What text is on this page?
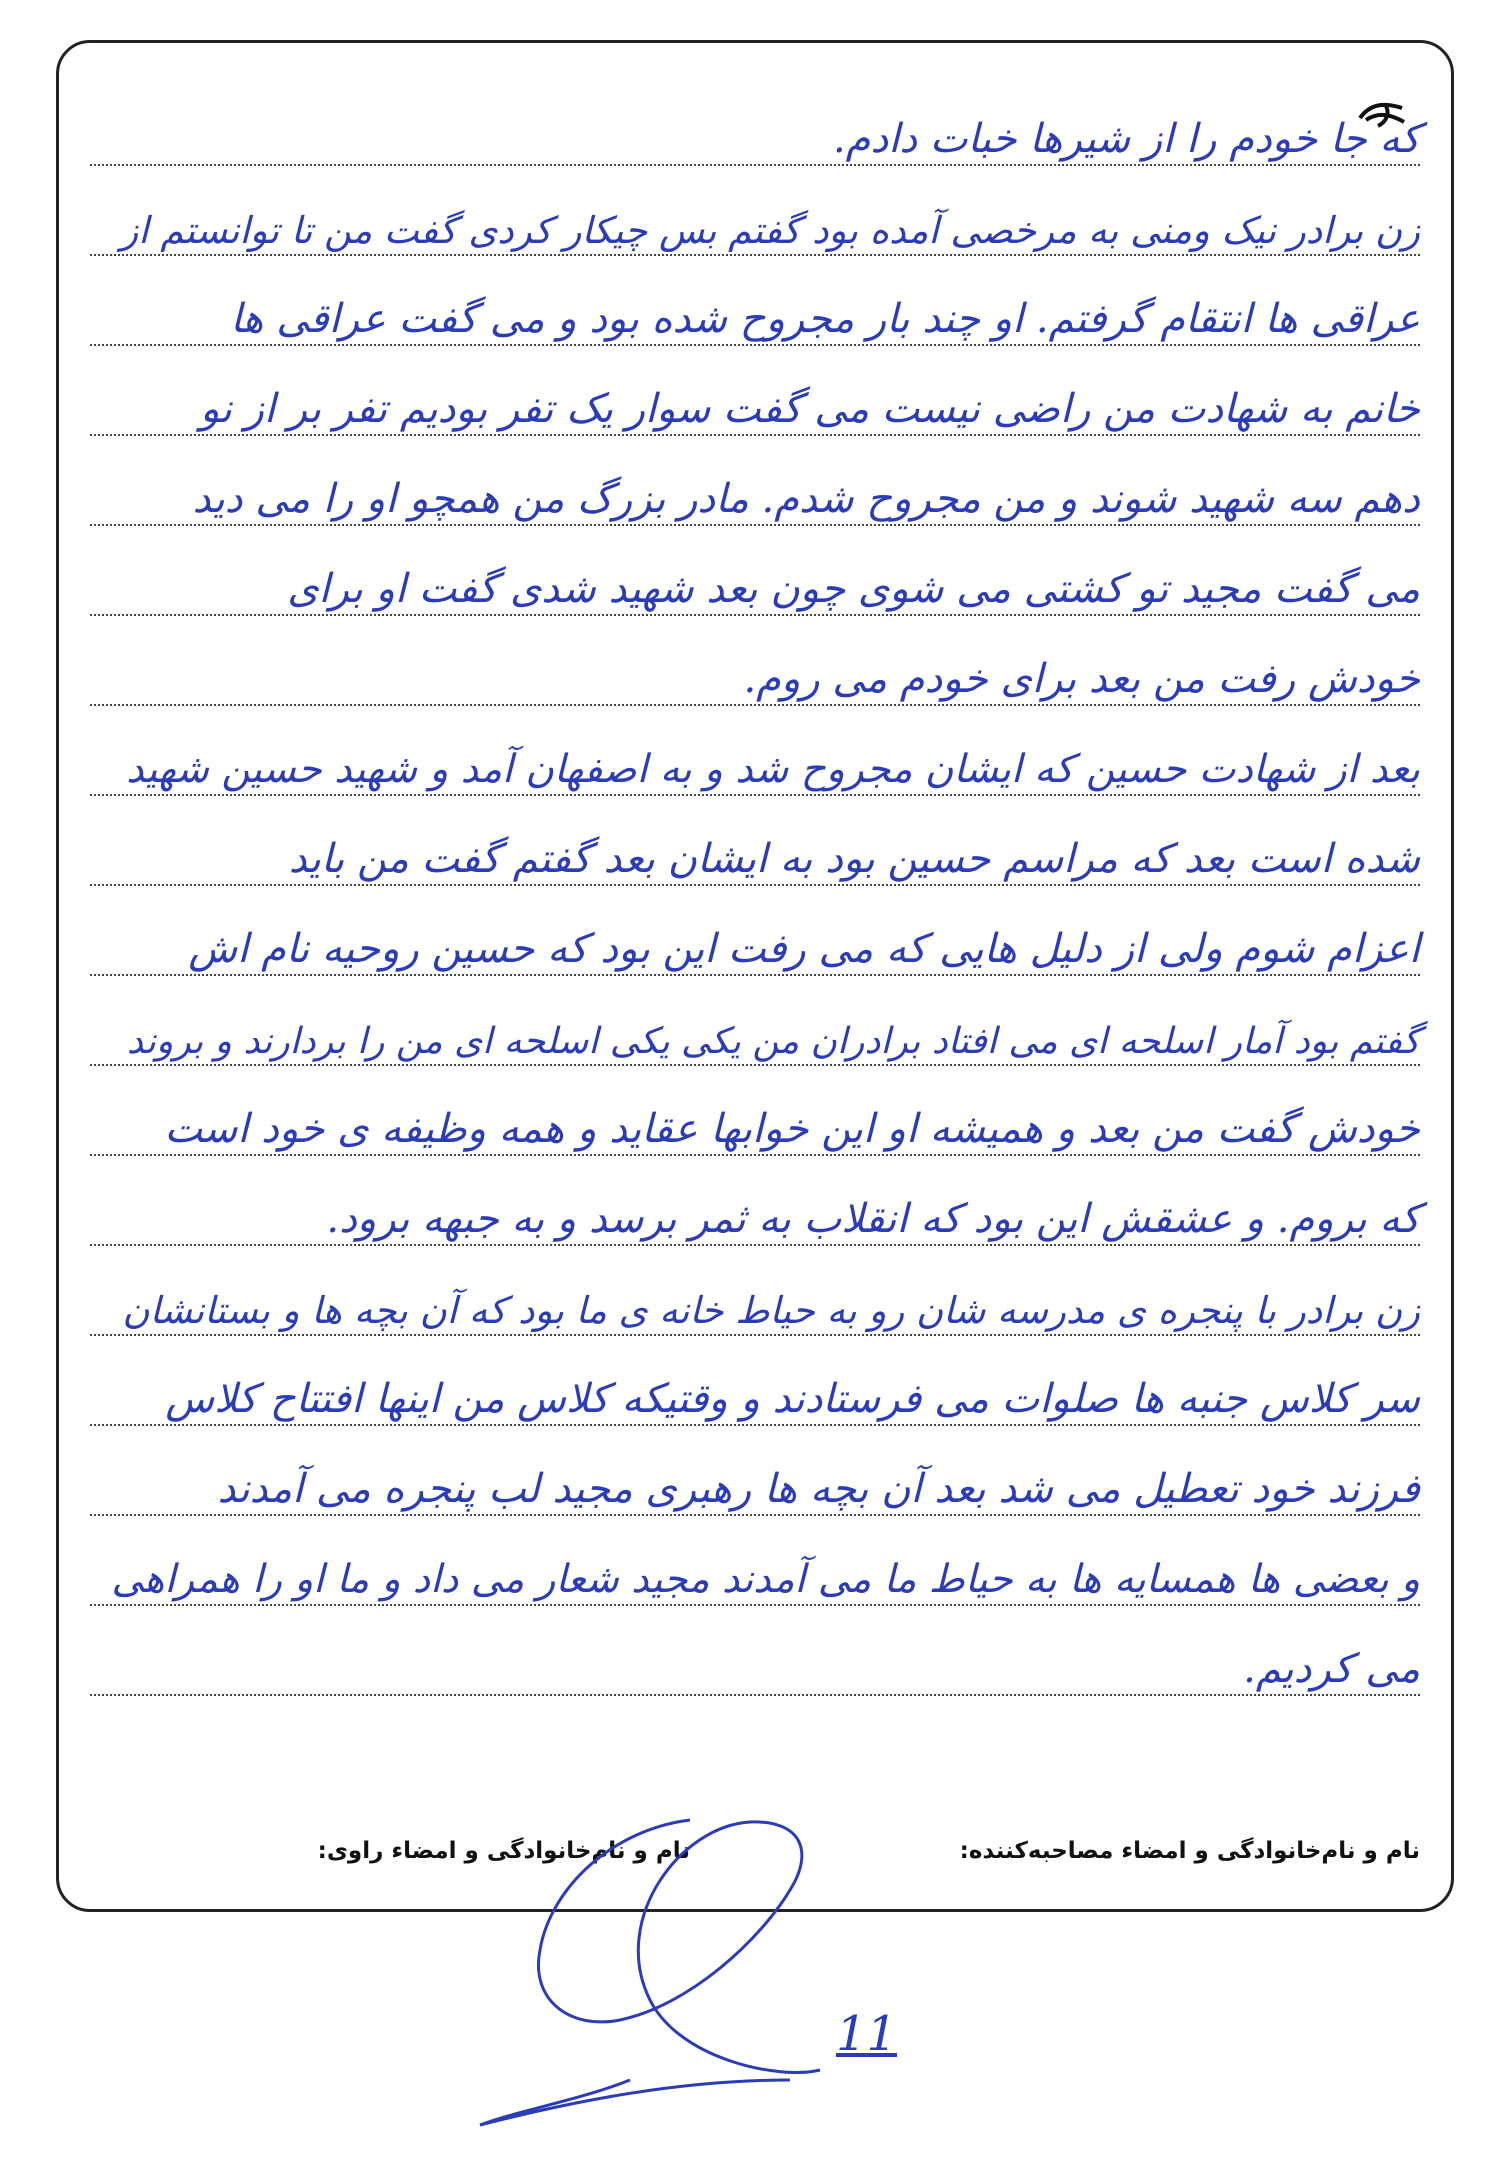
که جا خودم را از شیرها خبات دادم.
زن برادر نیک ومنی به مرخصی آمده بود گفتم بس چیکار کردی گفت من تا توانستم از
عراقی ها انتقام گرفتم. او چند بار مجروح شده بود و می گفت عراقی ها
خانم به شهادت من راضی نیست می گفت سوار یک تفر بودیم تفر بر از نو
دهم سه شهید شوند و من مجروح شدم. مادر بزرگ من همچو او را می دید
می گفت مجید تو کشتی می شوی چون بعد شهید شدی گفت او برای
خودش رفت من بعد برای خودم می روم.
بعد از شهادت حسین که ایشان مجروح شد و به اصفهان آمد و شهید حسین شهید
شده است بعد که مراسم حسین بود به ایشان بعد گفتم گفت من باید
اعزام شوم ولی از دلیل هایی که می رفت این بود که حسین روحیه نام اش
گفتم بود آمار اسلحه ای می افتاد برادران من یکی یکی اسلحه ای من را بردارند و بروند
خودش گفت من بعد و همیشه او این خوابها عقاید و همه وظیفه ی خود است
که بروم. و عشقش این بود که انقلاب به ثمر برسد و به جبهه برود.
زن برادر با پنجره ی مدرسه شان رو به حیاط خانه ی ما بود که آن بچه ها و بستانشان
سر کلاس جنبه ها صلوات می فرستادند و وقتیکه کلاس من اینها افتتاح کلاس
فرزند خود تعطیل می شد بعد آن بچه ها رهبری مجید لب پنجره می آمدند
و بعضی ها همسایه ها به حیاط ما می آمدند مجید شعار می داد و ما او را همراهی
می کردیم.
نام و نام‌خانوادگی و امضاء مصاحبه‌کننده:
نام و نام‌خانوادگی و امضاء راوی:
11
